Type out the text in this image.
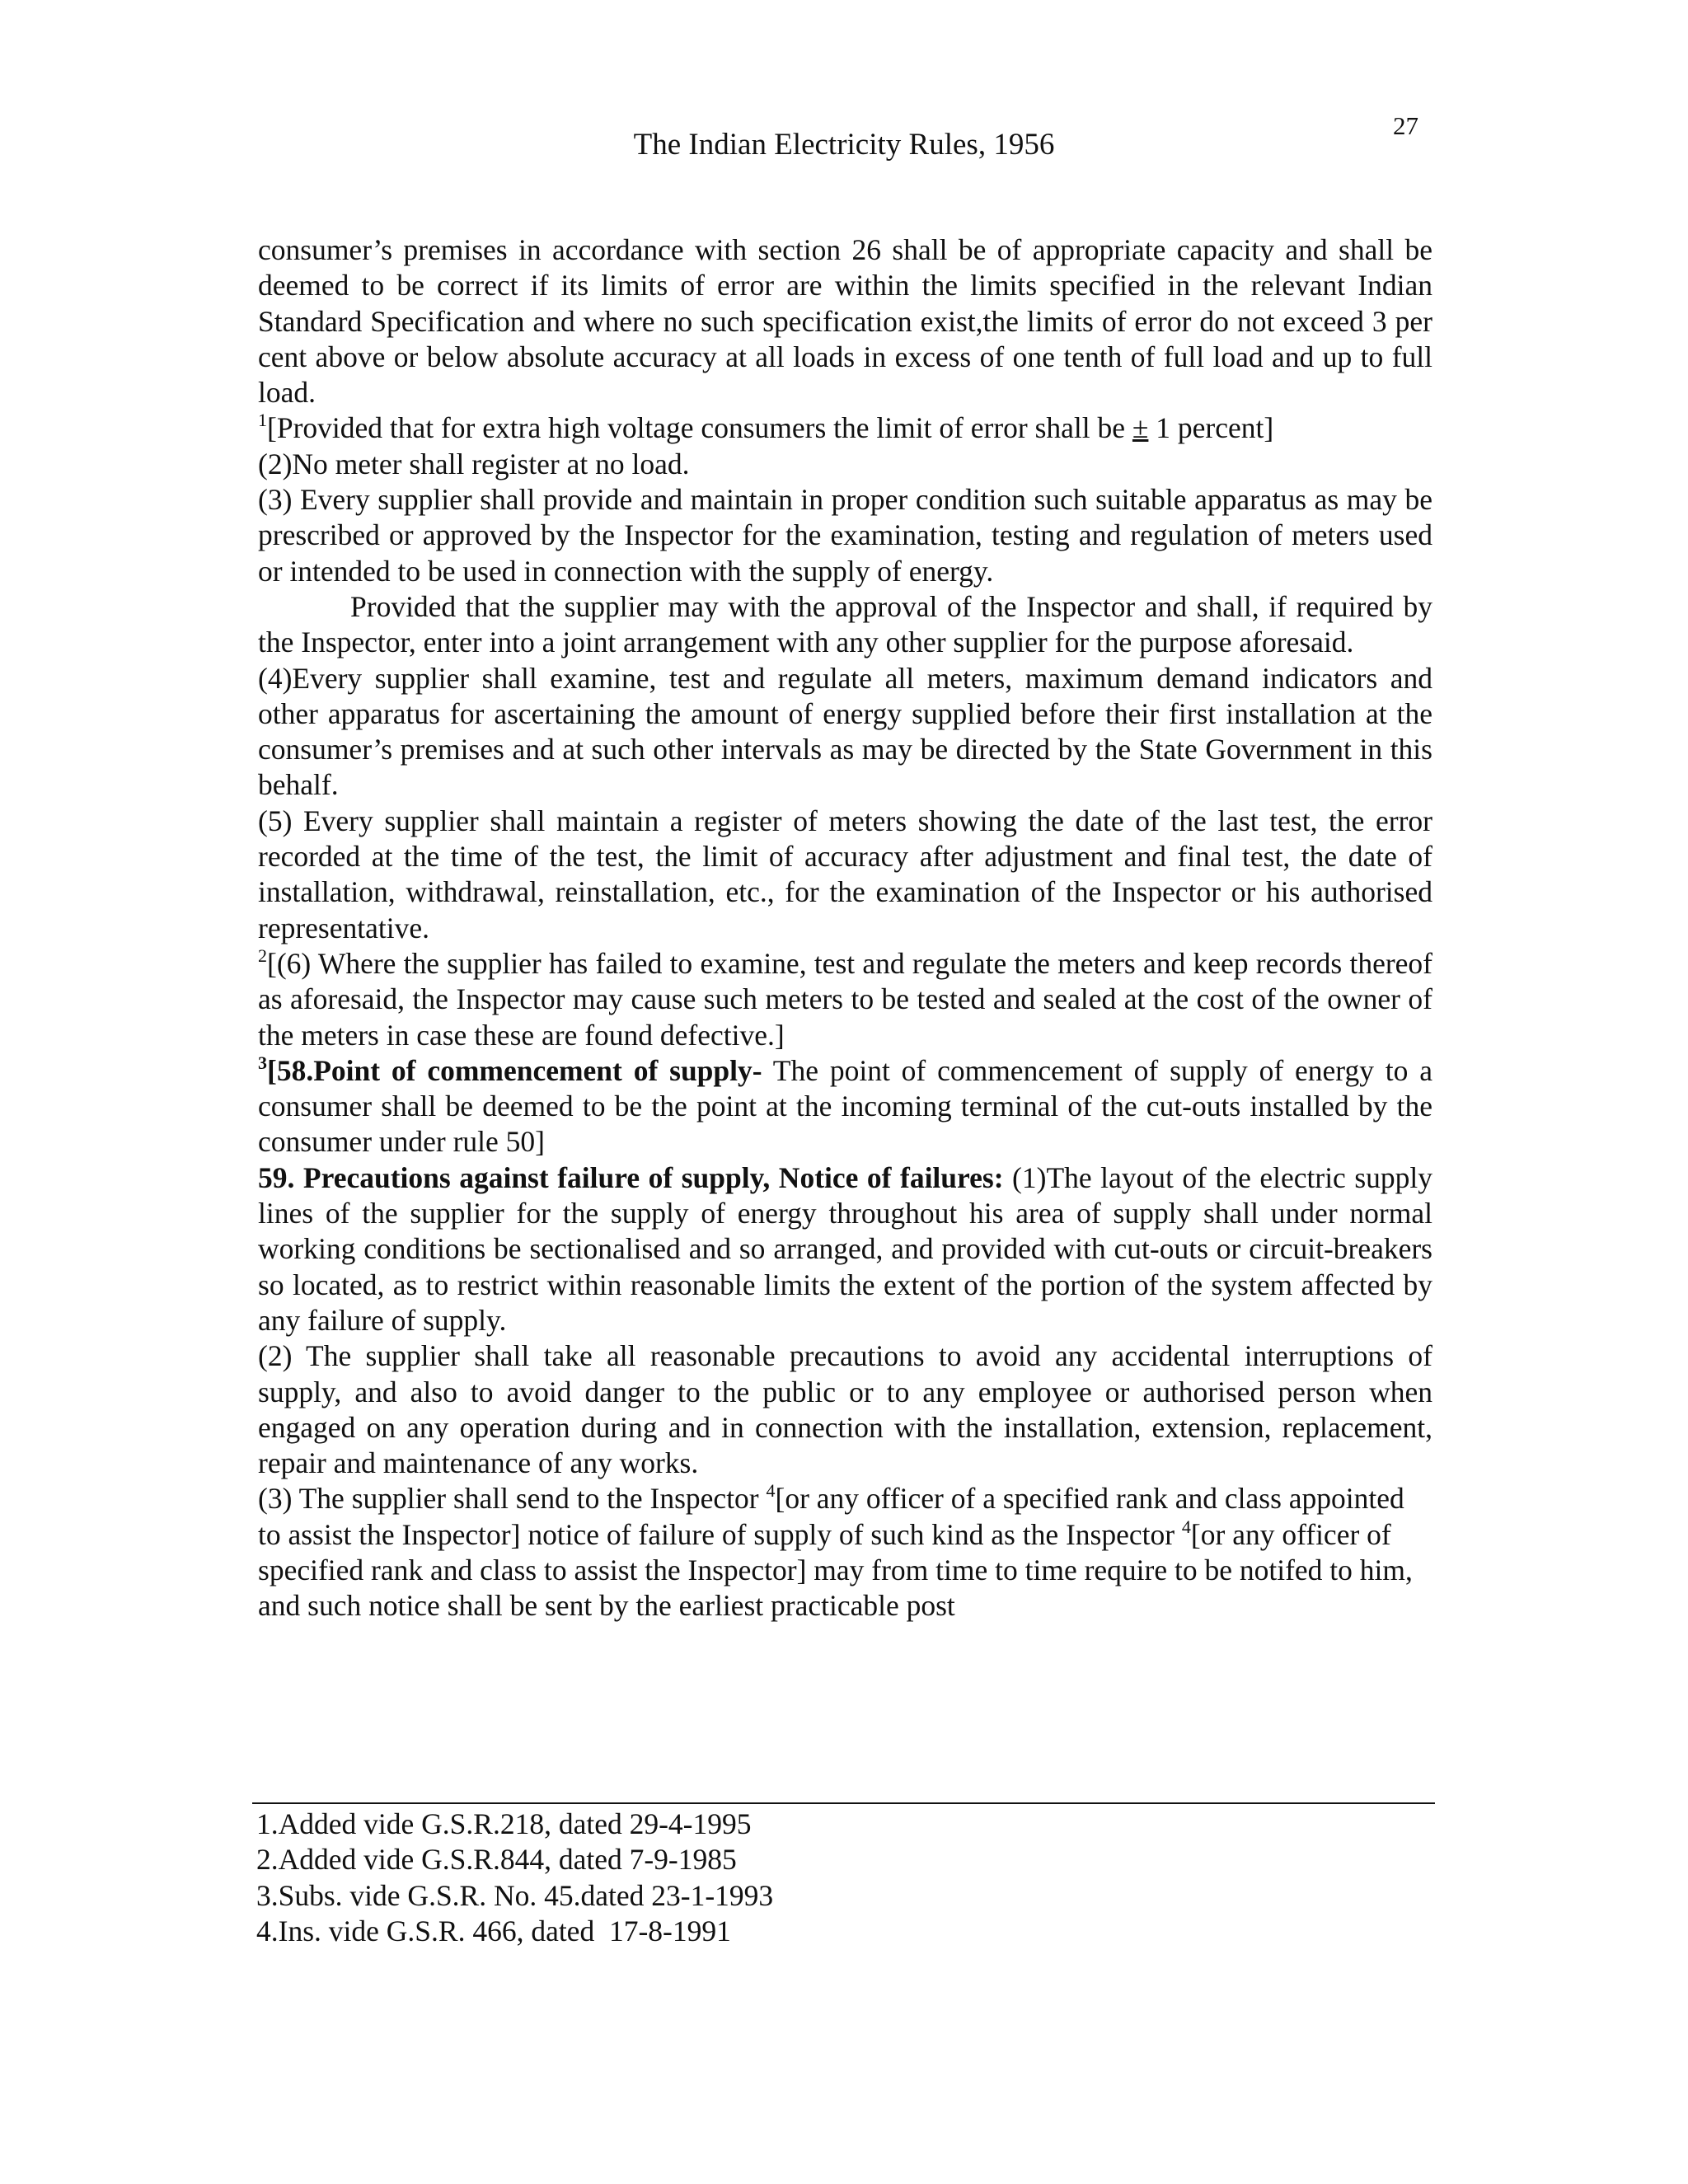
27
The Indian Electricity Rules, 1956

consumer’s premises in accordance with section 26 shall be of appropriate capacity and shall be deemed to be correct if its limits of error are within the limits specified in the relevant Indian Standard Specification and where no such specification exist,the limits of error do not exceed 3 per cent above or below absolute accuracy at all loads in excess of one tenth of full load and up to full load.

$^1$[Provided that for extra high voltage consumers the limit of error shall be ± 1 percent]

(2)No meter shall register at no load.

(3) Every supplier shall provide and maintain in proper condition such suitable apparatus as may be prescribed or approved by the Inspector for the examination, testing and regulation of meters used or intended to be used in connection with the supply of energy.

Provided that the supplier may with the approval of the Inspector and shall, if required by the Inspector, enter into a joint arrangement with any other supplier for the purpose aforesaid.

(4)Every supplier shall examine, test and regulate all meters, maximum demand indicators and other apparatus for ascertaining the amount of energy supplied before their first installation at the consumer’s premises and at such other intervals as may be directed by the State Government in this behalf.

(5) Every supplier shall maintain a register of meters showing the date of the last test, the error recorded at the time of the test, the limit of accuracy after adjustment and final test, the date of installation, withdrawal, reinstallation, etc., for the examination of the Inspector or his authorised representative.

$^2$[(6) Where the supplier has failed to examine, test and regulate the meters and keep records thereof as aforesaid, the Inspector may cause such meters to be tested and sealed at the cost of the owner of the meters in case these are found defective.]

$^3$[58.Point of commencement of supply- The point of commencement of supply of energy to a consumer shall be deemed to be the point at the incoming terminal of the cut-outs installed by the consumer under rule 50]

59. Precautions against failure of supply, Notice of failures: (1)The layout of the electric supply lines of the supplier for the supply of energy throughout his area of supply shall under normal working conditions be sectionalised and so arranged, and provided with cut-outs or circuit-breakers so located, as to restrict within reasonable limits the extent of the portion of the system affected by any failure of supply.

(2) The supplier shall take all reasonable precautions to avoid any accidental interruptions of supply, and also to avoid danger to the public or to any employee or authorised person when engaged on any operation during and in connection with the installation, extension, replacement, repair and maintenance of any works.

(3) The supplier shall send to the Inspector $^4$[or any officer of a specified rank and class appointed to assist the Inspector] notice of failure of supply of such kind as the Inspector $^4$[or any officer of specified rank and class to assist the Inspector] may from time to time require to be notifed to him, and such notice shall be sent by the earliest practicable post

1.Added vide G.S.R.218, dated 29-4-1995
2.Added vide G.S.R.844, dated 7-9-1985
3.Subs. vide G.S.R. No. 45.dated 23-1-1993
4.Ins. vide G.S.R. 466, dated  17-8-1991
